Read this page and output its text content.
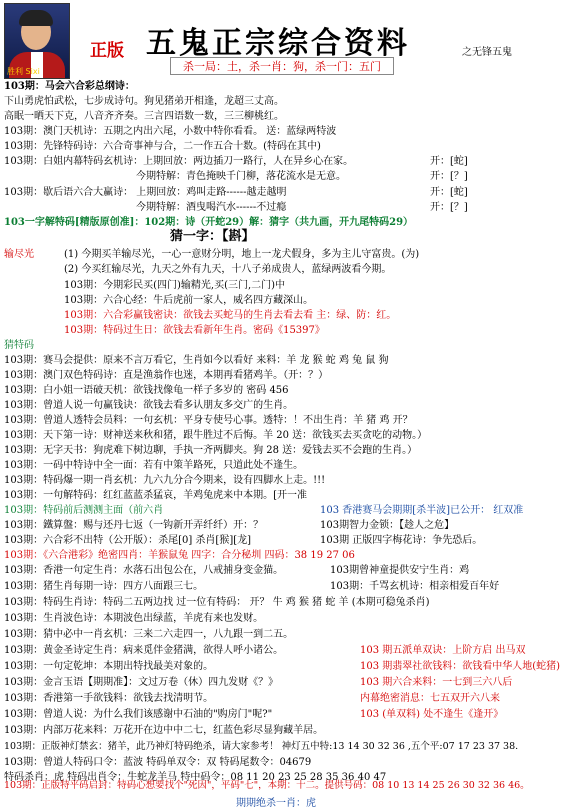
胜利 Sixi
正版 五鬼正宗综合资料
杀一局：土，杀一肖：狗，杀一门：五门
之无锋五鬼
103期：马会六合彩总纲诗：
下山勇虎怕武松，七步成诗句。狗见猪弟开相逢，龙超三丈高。
高眠一晒天下克，八音齐齐奏。三言四语数一数，三三柳桃红。
103期：澳门天机诗：五期之内出六尾，小数中特你看看。 送：蓝绿两特波
103期：先锋特码诗：六合奇事神与合，二一作五合十数。(特码在其中)
103期：白姐内幕特码玄机诗：上期回放：两边插刀一路行，人在异乡心在家。	开：[蛇]
今期特解：青色掩映千门柳，落花流水是无意。	开：[？]
103期：歇后语六合大赢诗： 上期回放：鸡叫走路------越走越明	开：[蛇]
今期特解：酒曳喝汽水------不过瘾	开：[？]
103一字解特码[精版原创准]：102期：诗（开蛇29）解：猜字（共九画，开九尾特码29）
猜一字：【斟】
输尽光	(1) 今期买羊输尽光，一心一意财分明，地上一龙犬假身，多为主儿守富贵。(为)
(2) 今买红输尽光，九天之外有九天，十八子弟成贵人，蓝绿两波看今期。
103期：今期彩民买(四门)输精光,买(三门,二门)中
103期：六合心经：牛后虎前一家人，威名四方藏深山。
103期：六合彩赢钱密诀：欲钱去买蛇马的生肖去看去看 主：绿、防：红。
103期：特码过生日：欲钱去看新年生肖。密码《15397》
猜特码
103期：赛马会提供：原来不言万看它，生肖如今以看好 来料：羊 龙 猴 蛇 鸡 兔 鼠 狗
103期：澳门双色特码诗：直是渔翁作也迷，本期再看猪鸡羊。（开：？）
103期：白小姐一语破天机：欲钱找像龟一样子多岁的 密码 456
103期：曾道人说一句赢钱诀：欲钱去看多认朋友多交广的生肖。
103期：曾道人透特会员料：一句玄机：平身专使号心事。透特：！不出生肖：羊 猪 鸡 开？
103期：天下第一诗：财神送来秋和猪，跟牛胜过不后悔。羊 20 送：欲钱买去买贪吃的动物。）
103期：无字天书：狗虎难下树边聊，手执一齐两脚夹。狗 28 送：爱钱去买不会跑的生肖。）
103期：一码中特诗中全一面：若有中策羊路死，只道此处不逢生。
103期：特码爆一期一肖玄机：九六九分合今期来，设有四脚水上走。!!!
103期：一句解特码：红红蓝蓝杀猛哀，羊鸡兔虎来中本期。[开一准
103期：特码前后测测主面（前六肖	103 香港赛马会期期[杀半波]已公开： 红双准
103期：鐵算盤：赐与还丹七返（一钩新开弄纤纤）开：？	103期智力金锁：【趁人之危】
103期：六合彩不出特（公开版）：杀尾[0] 杀肖[猴][龙]	103期 正版四字梅花诗：争先恐后。
103期：《六合港彩》绝密四肖：羊猴鼠兔 四字：合分秘圳 四码：38 19 27 06
103期：香港一句定生肖：水落石出包公在，八戒捕身变金猫。	103期曾神童提供安宁生肖：鸡
103期：猪生肖每期一诗：四方八面跟三七。	103期：千骂玄机诗：相亲相爱百年好
103期：特码生肖诗：特码二五两边找 过一位有特码： 开？ 牛 鸡 猴 猪 蛇 羊 (本期可稳兔杀肖)
103期：生肖波色诗：本期波色出绿蓝，羊虎有来也发财。
103期：猜中必中一肖玄机：三来二六走四一，八九跟一到二五。
103期：黄金圣诗定生肖：病来觅伴金猪满，欲得人呼小诸公。	103 期五派单双诀：上阶方启 出马双
103期：一句定乾坤：本期出特找最美对象的。	103 期翡翠社欲钱料：欲钱看中华人地(蛇猪)
103期：金言玉语【期期准】：文过万卷（休）四九发财《？》	103 期六合来料：一七到三六八后
103期：香港第一手欲钱料：欲钱去找清明节。	内幕绝密消息：七五双开六八来
103期：曾道人说：为什么我们该感谢中石油的"购房门"呢?"	103 (单双料) 处不逢生《逢开》
103期：内部万花来料：万花开在边中中二七，红蓝色彩尽显狗藏羊居。
103期：正版神灯禁玄：猪羊，此乃神灯特码绝杀，请大家参考！ 神灯五中特:13 14 30 32 36 ,五个平:07 17 23 37 38.
103期：曾道人特码口令：蓝波 特码单双令：双 特码尾数令：04679
特码杀肖：虎 特码出肖令：牛蛇龙羊马 特中码令：08 11 20 23 25 28 35 36 40 47
103期：正版特平码启封：特码心想要找个"死因"，平码"七"，本期：十二。提供号码：08 10 13 14 25 26 30 32 36 46。
期期绝杀一肖：虎
